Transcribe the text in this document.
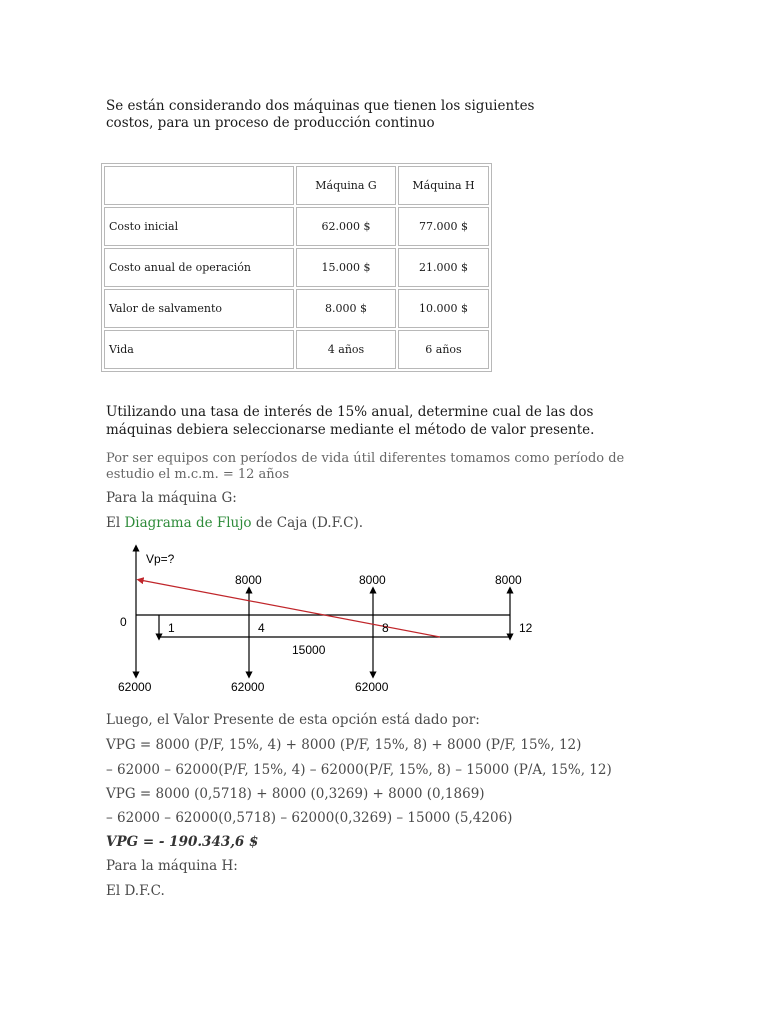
Se están considerando dos máquinas que tienen los siguientes costos, para un proceso de producción continuo

	Máquina G	Máquina H
Costo inicial	62.000 $	77.000 $
Costo anual de operación	15.000 $	21.000 $
Valor de salvamento	8.000 $	10.000 $
Vida	4 años	6 años

Utilizando una tasa de interés de 15% anual, determine cual de las dos máquinas debiera seleccionarse mediante el método de valor presente.

Por ser equipos con períodos de vida útil diferentes tomamos como período de estudio el m.c.m. = 12 años

Para la máquina G:

El Diagrama de Flujo de Caja (D.F.C).

Vp=?
0	1	4	8	12
15000
8000	8000	8000
62000	62000	62000

Luego, el Valor Presente de esta opción está dado por:

VPG = 8000 (P/F, 15%, 4) + 8000 (P/F, 15%, 8) + 8000 (P/F, 15%, 12)

– 62000 – 62000(P/F, 15%, 4) – 62000(P/F, 15%, 8) – 15000 (P/A, 15%, 12)

VPG = 8000 (0,5718) + 8000 (0,3269) + 8000 (0,1869)

– 62000 – 62000(0,5718) – 62000(0,3269) – 15000 (5,4206)

VPG = - 190.343,6 $

Para la máquina H:

El D.F.C.
